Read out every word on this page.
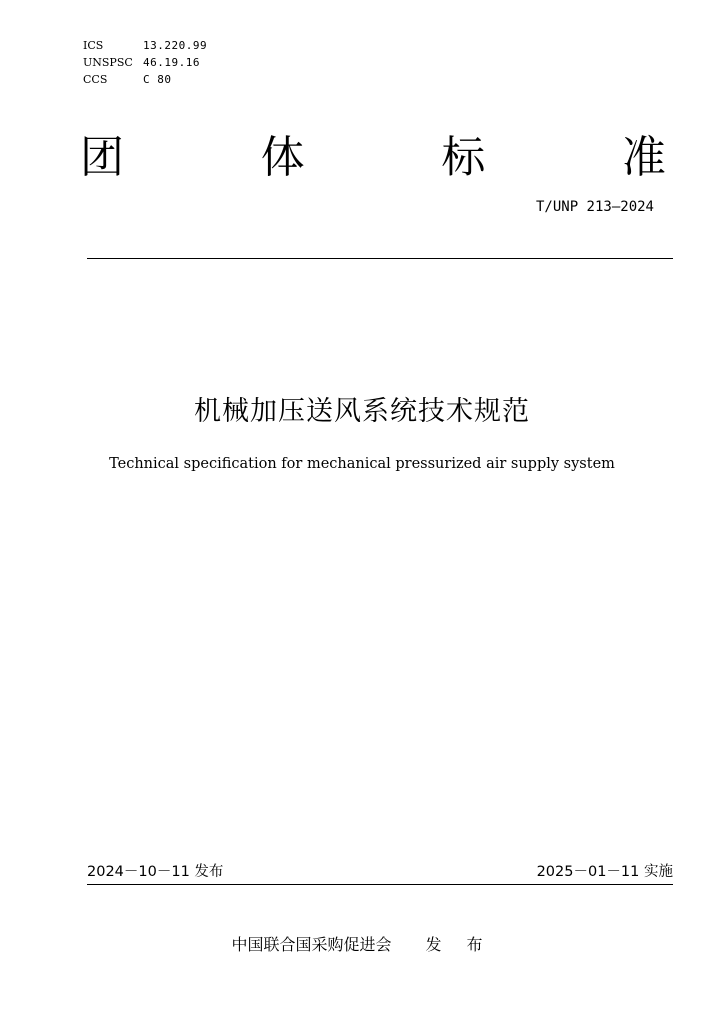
ICS	13.220.99
UNSPSC 46.19.16
CCS	C 80
团	体	标	准
T/UNP 213—2024
机械加压送风系统技术规范
Technical specification for mechanical pressurized air supply system
2024－10－11 发布	2025－01－11 实施
中国联合国采购促进会 发 布
